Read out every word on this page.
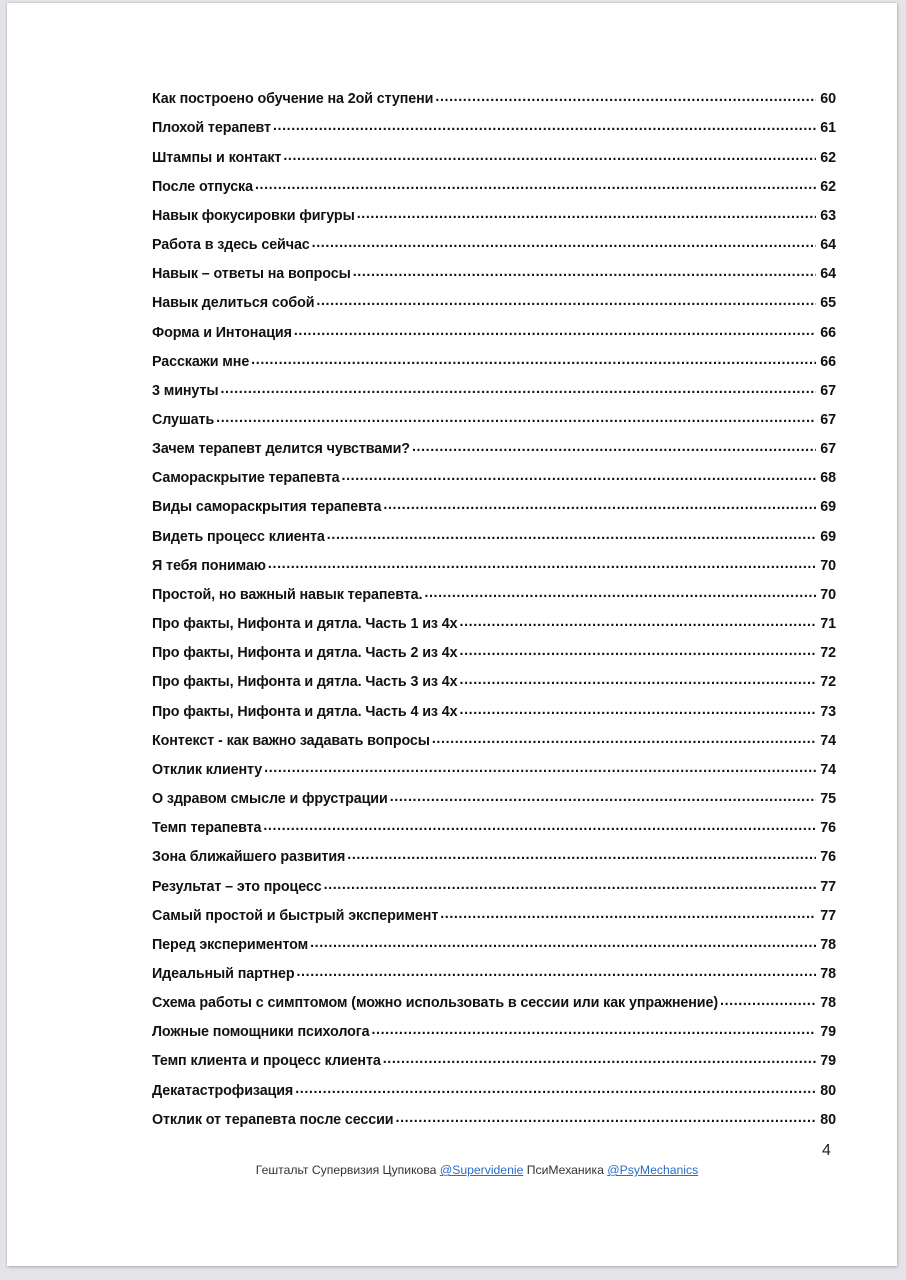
Как построено обучение на 2ой ступени .....	60
Плохой терапевт .....	61
Штампы и контакт .....	62
После отпуска .....	62
Навык фокусировки фигуры .....	63
Работа в здесь сейчас .....	64
Навык – ответы на вопросы .....	64
Навык делиться собой .....	65
Форма и Интонация .....	66
Расскажи мне .....	66
3 минуты .....	67
Слушать .....	67
Зачем терапевт делится чувствами? .....	67
Самораскрытие терапевта .....	68
Виды самораскрытия терапевта .....	69
Видеть процесс клиента .....	69
Я тебя понимаю .....	70
Простой, но важный навык терапевта. .....	70
Про факты, Нифонта и дятла. Часть 1 из 4х .....	71
Про факты, Нифонта и дятла. Часть 2 из 4х .....	72
Про факты, Нифонта и дятла. Часть 3 из 4х .....	72
Про факты, Нифонта и дятла. Часть 4 из 4х .....	73
Контекст - как важно задавать вопросы .....	74
Отклик клиенту .....	74
О здравом смысле и фрустрации .....	75
Темп терапевта .....	76
Зона ближайшего развития .....	76
Результат – это процесс .....	77
Самый простой и быстрый эксперимент .....	77
Перед экспериментом .....	78
Идеальный партнер .....	78
Схема работы с симптомом (можно использовать в сессии или как упражнение) .....	78
Ложные помощники психолога .....	79
Темп клиента и процесс клиента .....	79
Декатастрофизация .....	80
Отклик от терапевта после сессии .....	80
4
Гештальт Супервизия Цупикова @Supervidenie ПсиМеханика @PsyMechanics
